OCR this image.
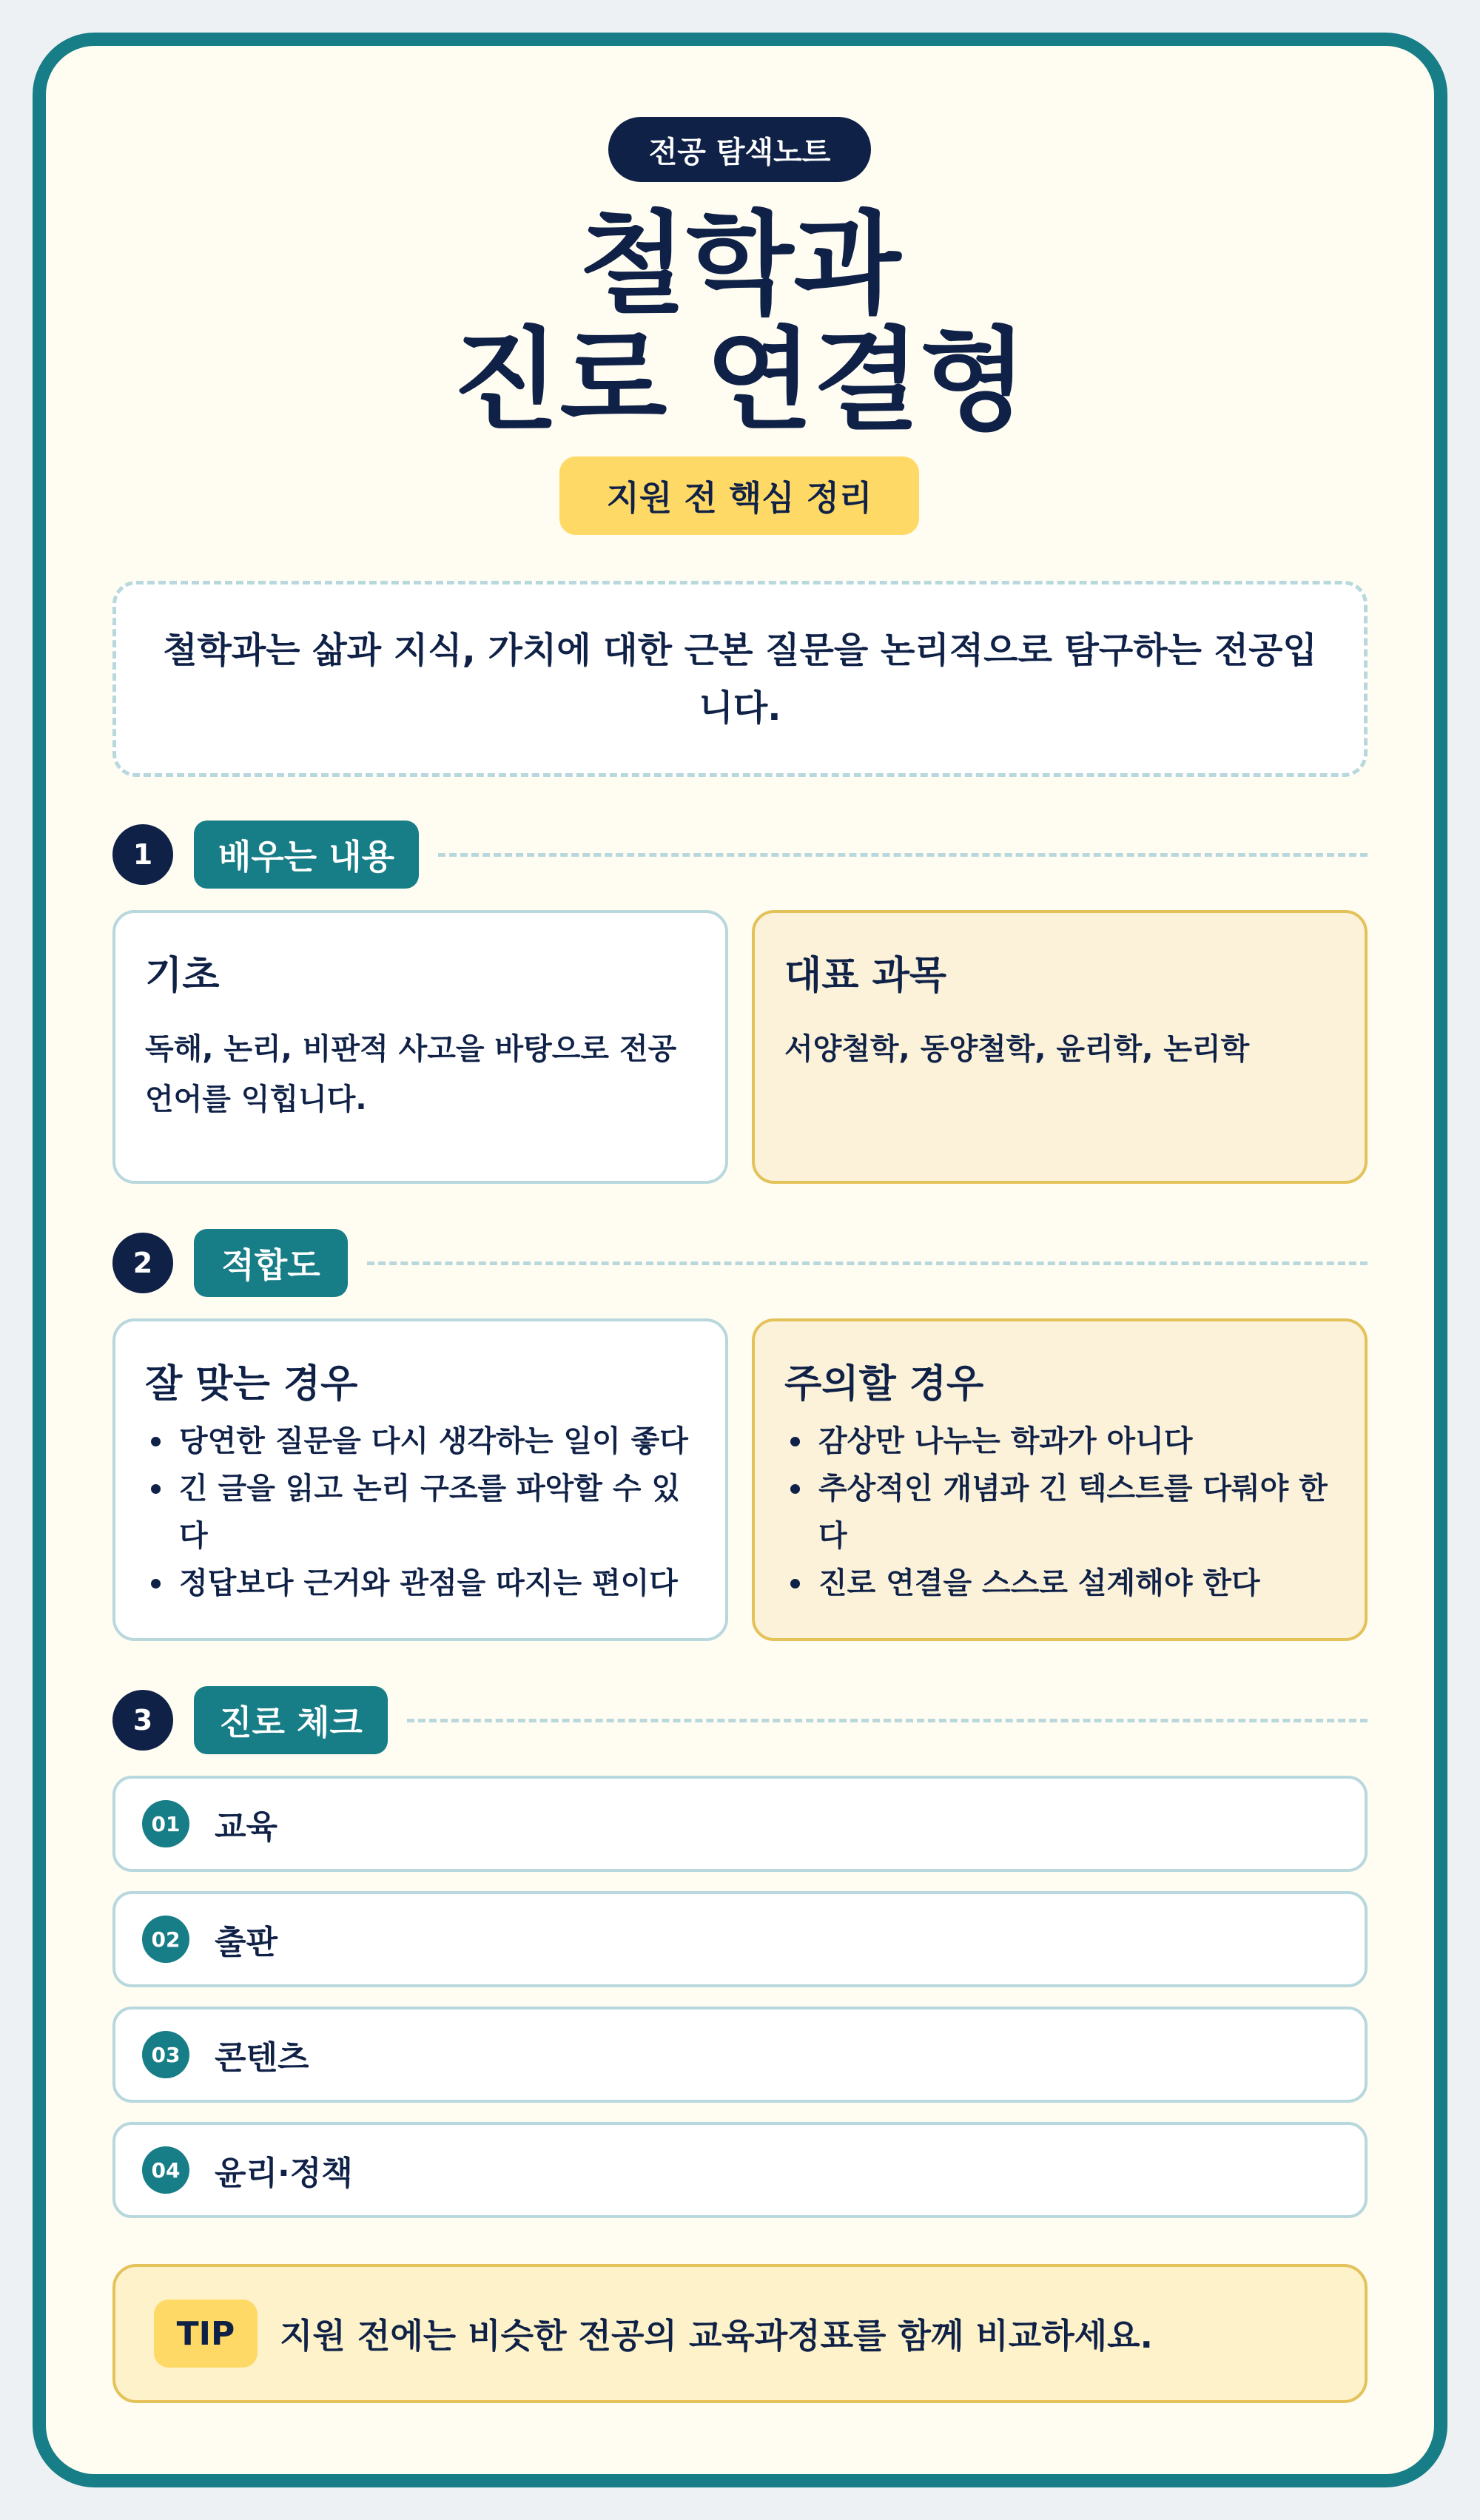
전공 탐색노트
철학과
진로 연결형
지원 전 핵심 정리
철학과는 삶과 지식, 가치에 대한 근본 질문을 논리적으로 탐구하는 전공입니다.
1	배우는 내용
기초
독해, 논리, 비판적 사고을 바탕으로 전공 언어를 익힙니다.
대표 과목
서양철학, 동양철학, 윤리학, 논리학
2	적합도
잘 맞는 경우
당연한 질문을 다시 생각하는 일이 좋다
긴 글을 읽고 논리 구조를 파악할 수 있다
정답보다 근거와 관점을 따지는 편이다
주의할 경우
감상만 나누는 학과가 아니다
추상적인 개념과 긴 텍스트를 다뤄야 한다
진로 연결을 스스로 설계해야 한다
3	진로 체크
01 교육
02 출판
03 콘텐츠
04 윤리·정책
TIP	지원 전에는 비슷한 전공의 교육과정표를 함께 비교하세요.
